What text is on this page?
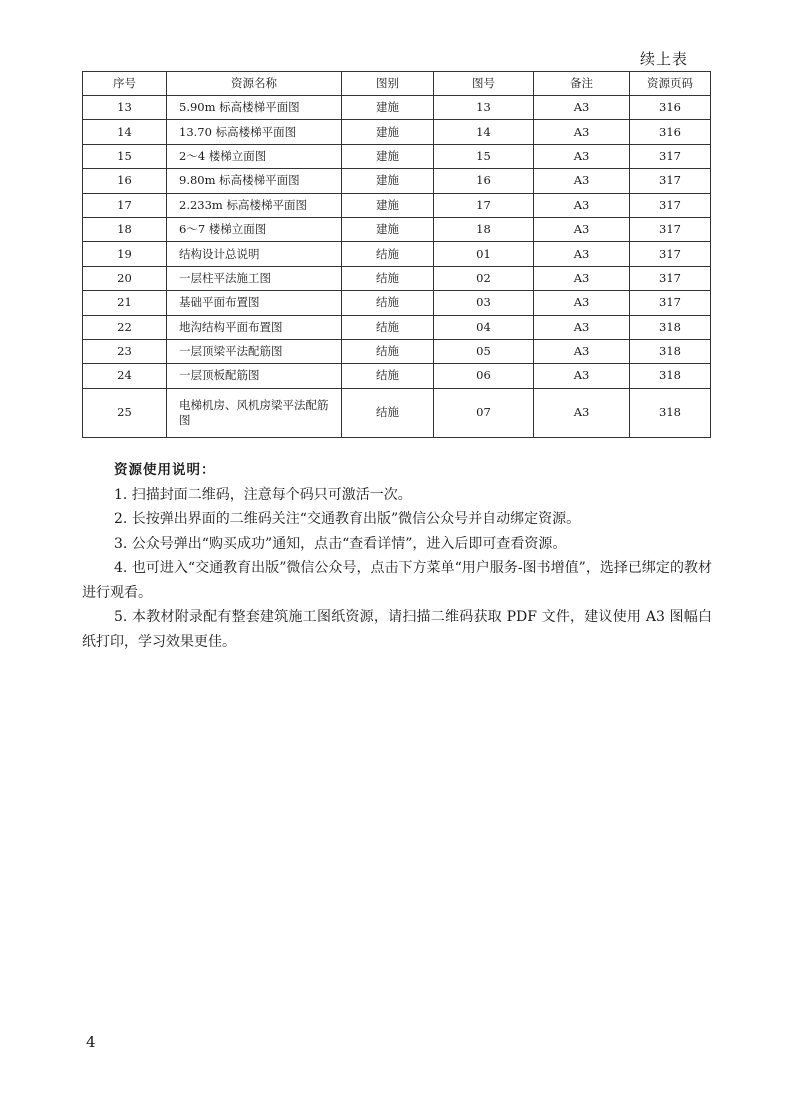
续上表
序号	资源名称	图别	图号	备注	资源页码
13	5.90m 标高楼梯平面图	建施	13	A3	316
14	13.70 标高楼梯平面图	建施	14	A3	316
15	2～4 楼梯立面图	建施	15	A3	317
16	9.80m 标高楼梯平面图	建施	16	A3	317
17	2.233m 标高楼梯平面图	建施	17	A3	317
18	6～7 楼梯立面图	建施	18	A3	317
19	结构设计总说明	结施	01	A3	317
20	一层柱平法施工图	结施	02	A3	317
21	基础平面布置图	结施	03	A3	317
22	地沟结构平面布置图	结施	04	A3	318
23	一层顶梁平法配筋图	结施	05	A3	318
24	一层顶板配筋图	结施	06	A3	318
25	电梯机房、风机房梁平法配筋图	结施	07	A3	318
资源使用说明：

1. 扫描封面二维码，注意每个码只可激活一次。

2. 长按弹出界面的二维码关注“交通教育出版”微信公众号并自动绑定资源。

3. 公众号弹出“购买成功”通知，点击“查看详情”，进入后即可查看资源。

4. 也可进入“交通教育出版”微信公众号，点击下方菜单“用户服务-图书增值”，选择已绑定的教材进行观看。

5. 本教材附录配有整套建筑施工图纸资源，请扫描二维码获取 PDF 文件，建议使用 A3 图幅白纸打印，学习效果更佳。

4
